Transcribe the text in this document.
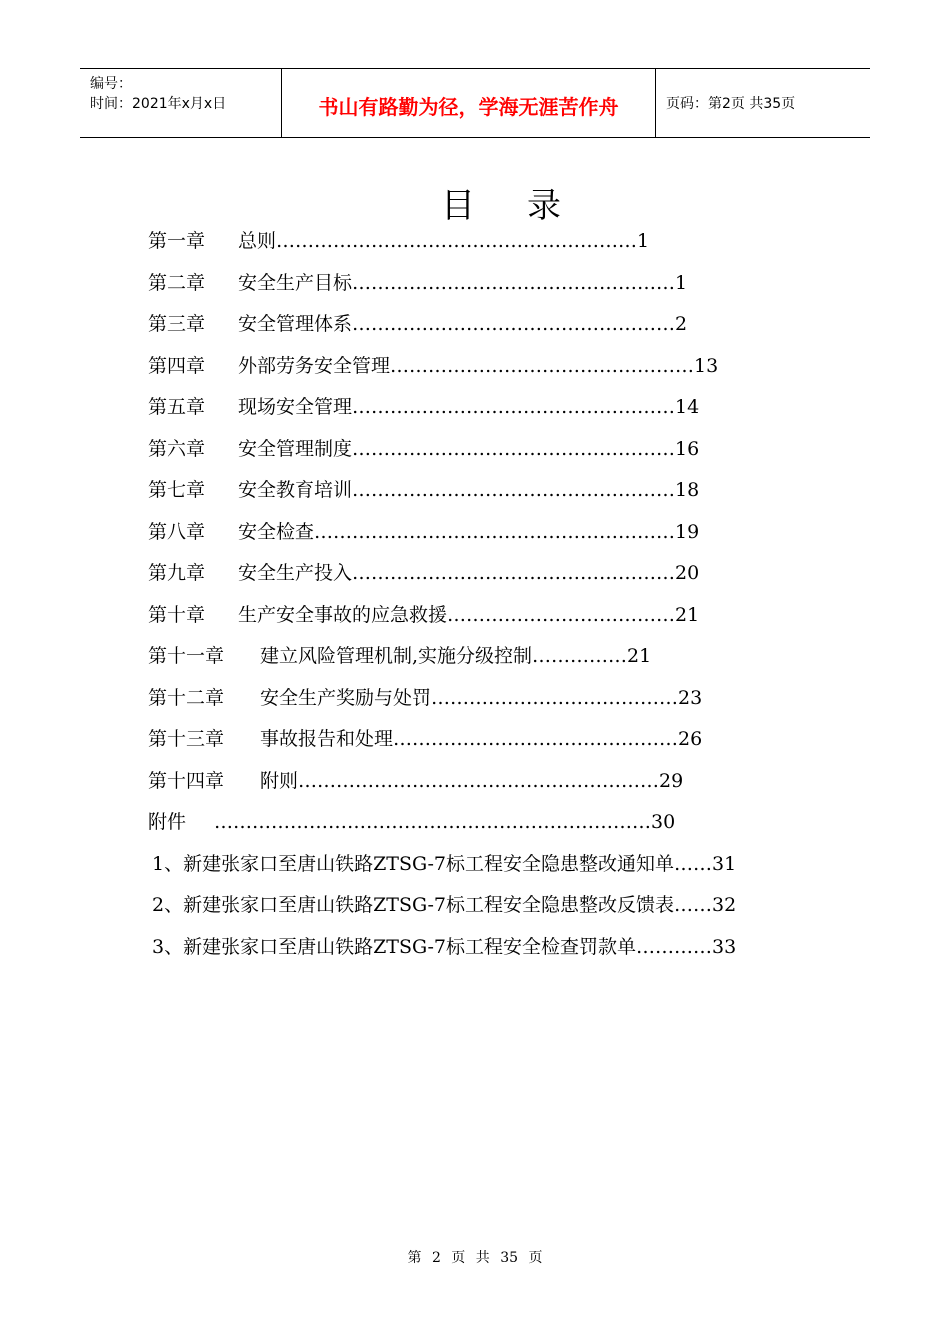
编号：
时间：2021年x月x日	书山有路勤为径，学海无涯苦作舟	页码：第2页 共35页
目录
第一章 总则…………………………………………………1
第二章 安全生产目标……………………………………………1
第三章 安全管理体系……………………………………………2
第四章 外部劳务安全管理…………………………………………13
第五章 现场安全管理……………………………………………14
第六章 安全管理制度……………………………………………16
第七章 安全教育培训……………………………………………18
第八章 安全检查…………………………………………………19
第九章 安全生产投入……………………………………………20
第十章 生产安全事故的应急救援………………………………21
第十一章 建立风险管理机制,实施分级控制……………21
第十二章 安全生产奖励与处罚…………………………………23
第十三章 事故报告和处理………………………………………26
第十四章 附则…………………………………………………29
附件 ……………………………………………………………30
1、新建张家口至唐山铁路ZTSG-7标工程安全隐患整改通知单……31
2、新建张家口至唐山铁路ZTSG-7标工程安全隐患整改反馈表……32
3、新建张家口至唐山铁路ZTSG-7标工程安全检查罚款单…………33
第 2 页 共 35 页
